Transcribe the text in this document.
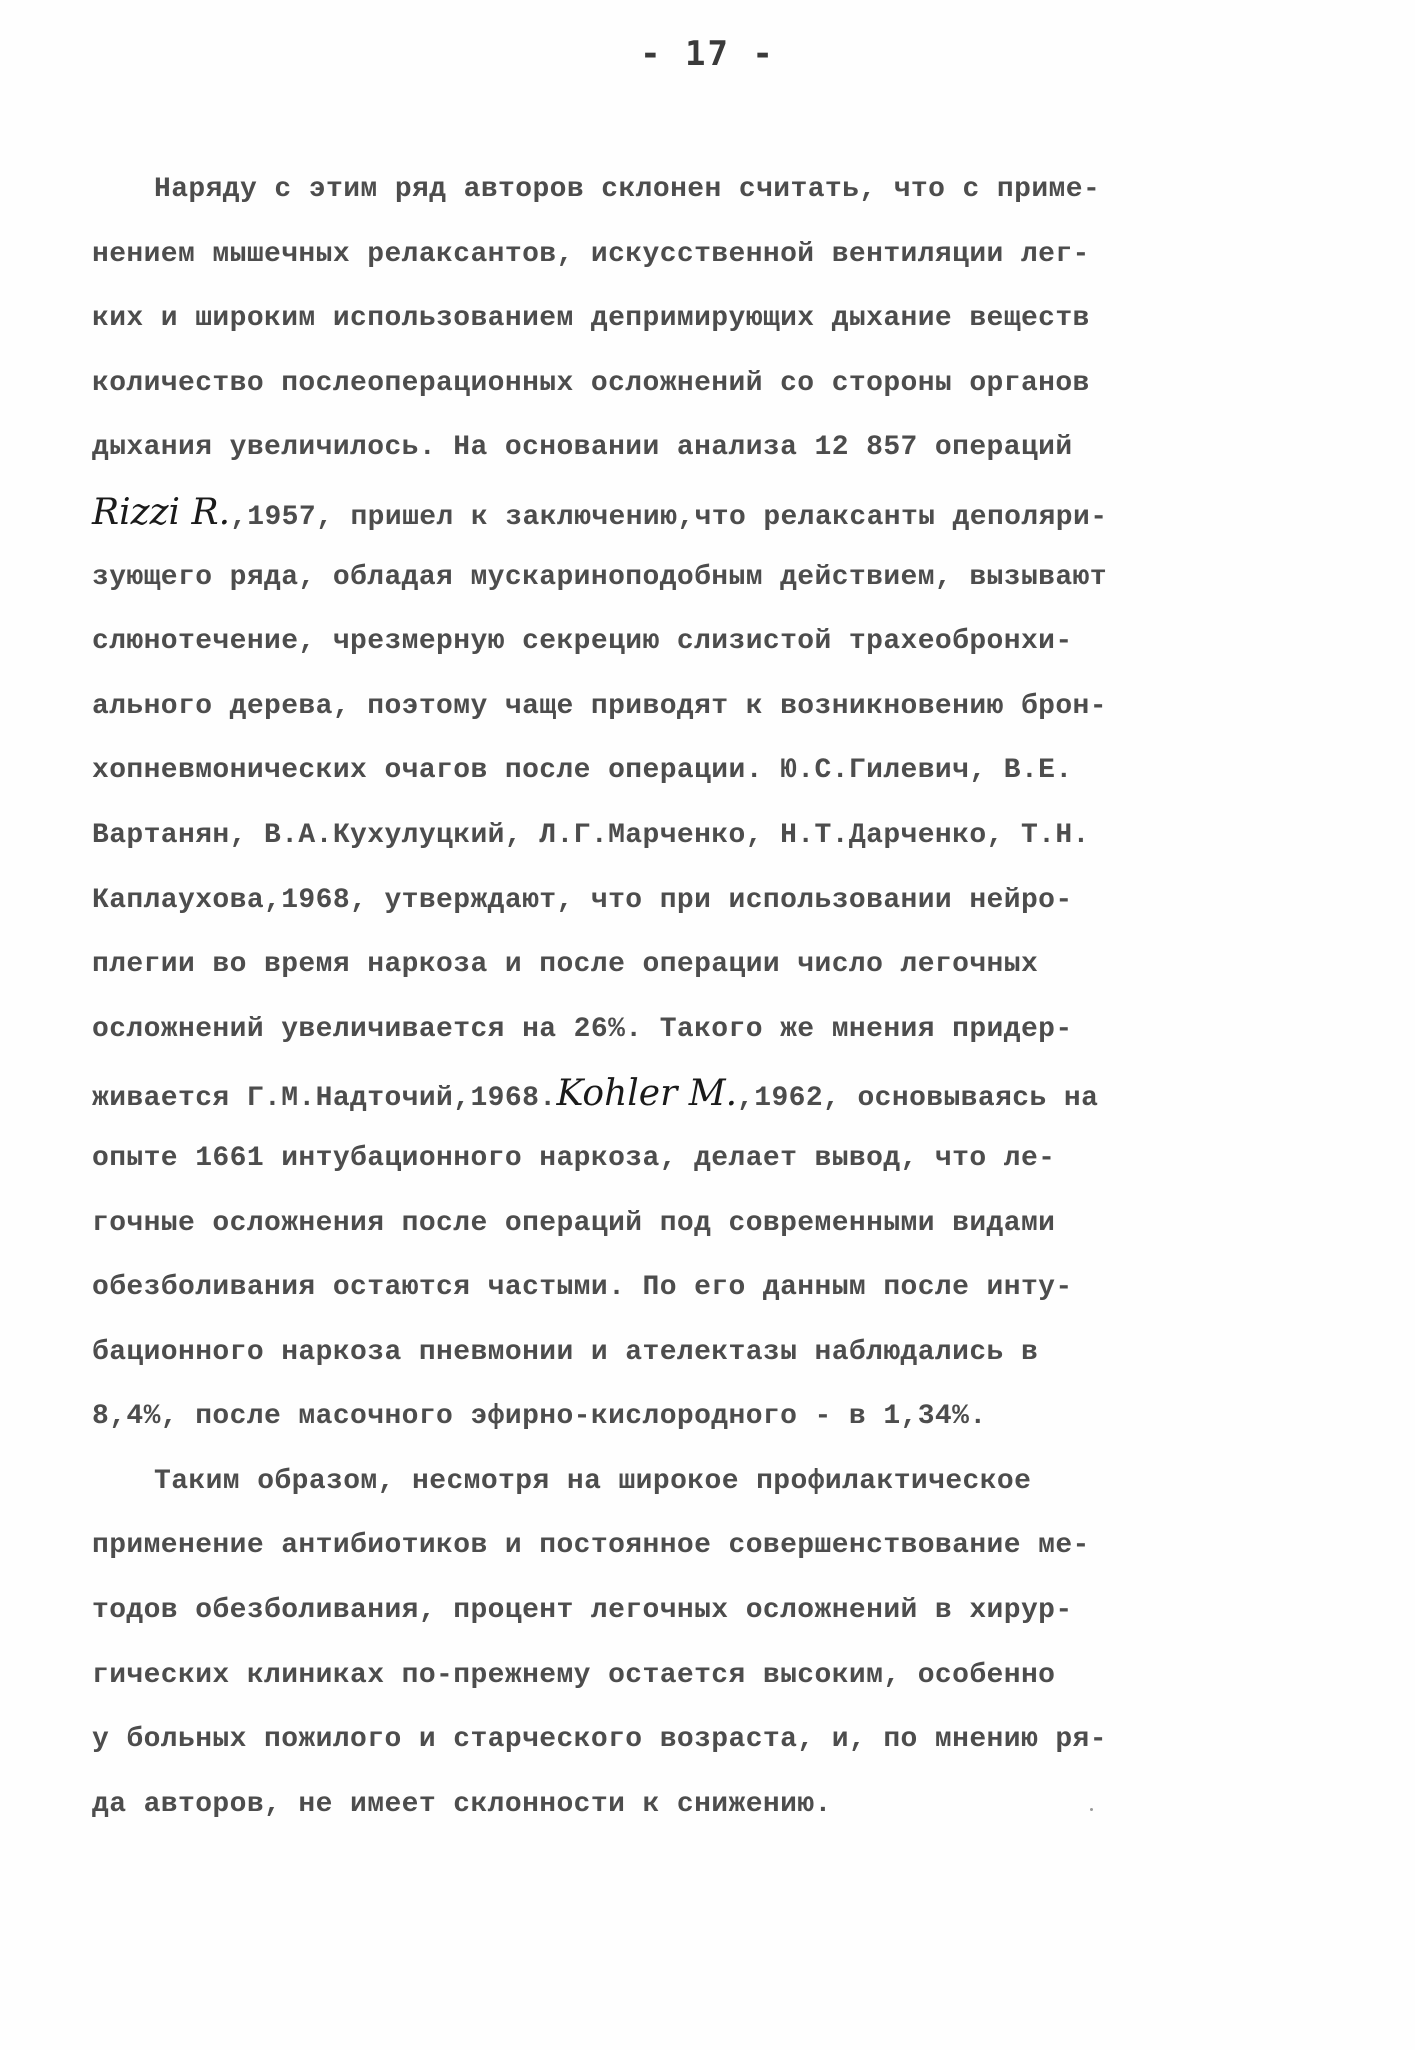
- 17 -
Наряду с этим ряд авторов склонен считать, что с приме-
нением мышечных релаксантов, искусственной вентиляции лег-
ких и широким использованием депримирующих дыхание веществ
количество послеоперационных осложнений со стороны органов
дыхания увеличилось. На основании анализа 12 857 операций
Rizzi R.,1957, пришел к заключению,что релаксанты деполяри-
зующего ряда, обладая мускариноподобным действием, вызывают
слюнотечение, чрезмерную секрецию слизистой трахеобронхи-
ального дерева, поэтому чаще приводят к возникновению брон-
хопневмонических очагов после операции. Ю.С.Гилевич, В.Е.
Вартанян, В.А.Кухулуцкий, Л.Г.Марченко, Н.Т.Дарченко, Т.Н.
Каплаухова,1968, утверждают, что при использовании нейро-
плегии во время наркоза и после операции число легочных
осложнений увеличивается на 26%. Такого же мнения придер-
живается Г.М.Надточий,1968.Kohler M.,1962, основываясь на
опыте 1661 интубационного наркоза, делает вывод, что ле-
гочные осложнения после операций под современными видами
обезболивания остаются частыми. По его данным после инту-
бационного наркоза пневмонии и ателектазы наблюдались в
8,4%, после масочного эфирно-кислородного - в 1,34%.
Таким образом, несмотря на широкое профилактическое
применение антибиотиков и постоянное совершенствование ме-
тодов обезболивания, процент легочных осложнений в хирур-
гических клиниках по-прежнему остается высоким, особенно
у больных пожилого и старческого возраста, и, по мнению ря-
да авторов, не имеет склонности к снижению.
